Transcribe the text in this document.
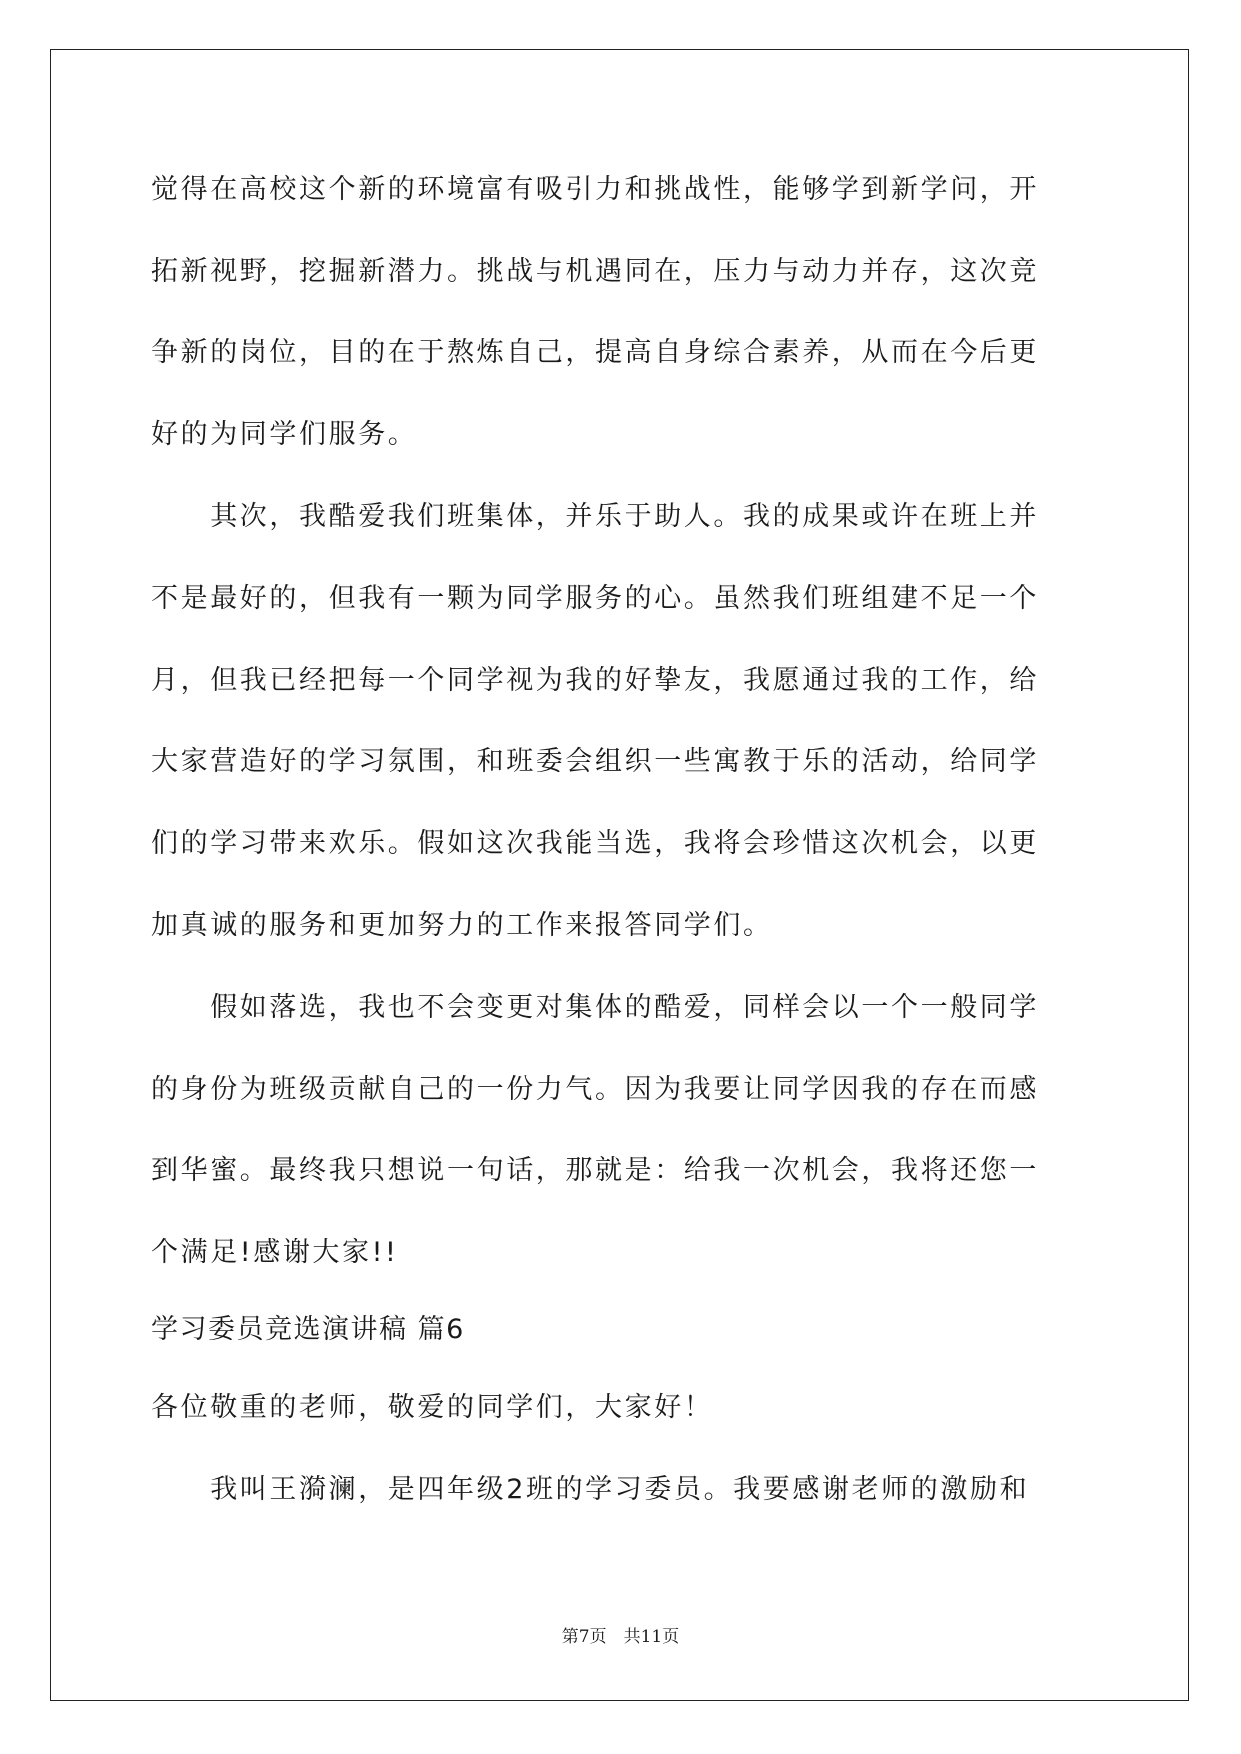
觉得在高校这个新的环境富有吸引力和挑战性，能够学到新学问，开
拓新视野，挖掘新潜力。挑战与机遇同在，压力与动力并存，这次竞
争新的岗位，目的在于熬炼自己，提高自身综合素养，从而在今后更
好的为同学们服务。
　　其次，我酷爱我们班集体，并乐于助人。我的成果或许在班上并
不是最好的，但我有一颗为同学服务的心。虽然我们班组建不足一个
月，但我已经把每一个同学视为我的好挚友，我愿通过我的工作，给
大家营造好的学习氛围，和班委会组织一些寓教于乐的活动，给同学
们的学习带来欢乐。假如这次我能当选，我将会珍惜这次机会，以更
加真诚的服务和更加努力的工作来报答同学们。
　　假如落选，我也不会变更对集体的酷爱，同样会以一个一般同学
的身份为班级贡献自己的一份力气。因为我要让同学因我的存在而感
到华蜜。最终我只想说一句话，那就是：给我一次机会，我将还您一
个满足!感谢大家!!
学习委员竞选演讲稿 篇6
各位敬重的老师，敬爱的同学们，大家好！
　　我叫王漪澜，是四年级2班的学习委员。我要感谢老师的激励和
第7页　共11页
